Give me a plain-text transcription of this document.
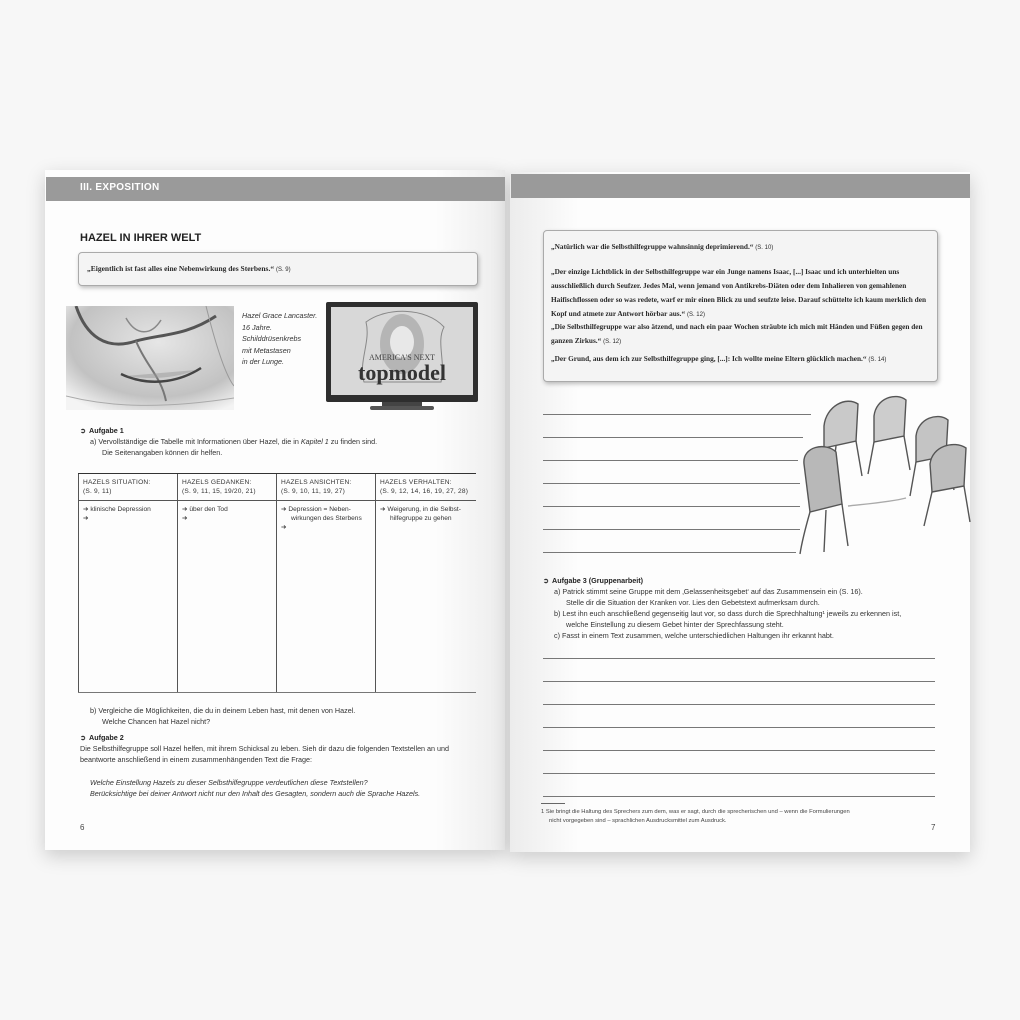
III. EXPOSITION
HAZEL IN IHRER WELT
„Eigentlich ist fast alles eine Nebenwirkung des Sterbens.“ (S. 9)
Hazel Grace Lancaster.
16 Jahre.
Schilddrüsenkrebs
mit Metastasen
in der Lunge.	AMERICA'S NEXT
topmodel
➲ Aufgabe 1
a) Vervollständige die Tabelle mit Informationen über Hazel, die in Kapitel 1 zu finden sind.
Die Seitenangaben können dir helfen.
HAZELS SITUATION:
(S. 9, 11)
➔ klinische Depression
➔
HAZELS GEDANKEN:
(S. 9, 11, 15, 19/20, 21)
➔ über den Tod
➔
HAZELS ANSICHTEN:
(S. 9, 10, 11, 19, 27)
➔ Depression = Neben-
wirkungen des Sterbens
➔
HAZELS VERHALTEN:
(S. 9, 12, 14, 16, 19, 27, 28)
➔ Weigerung, in die Selbst-
hilfegruppe zu gehen
b) Vergleiche die Möglichkeiten, die du in deinem Leben hast, mit denen von Hazel.
Welche Chancen hat Hazel nicht?
➲ Aufgabe 2
Die Selbsthilfegruppe soll Hazel helfen, mit ihrem Schicksal zu leben. Sieh dir dazu die folgenden Textstellen an und
beantworte anschließend in einem zusammenhängenden Text die Frage:
Welche Einstellung Hazels zu dieser Selbsthilfegruppe verdeutlichen diese Textstellen?
Berücksichtige bei deiner Antwort nicht nur den Inhalt des Gesagten, sondern auch die Sprache Hazels.
6

„Natürlich war die Selbsthilfegruppe wahnsinnig deprimierend.“ (S. 10)

„Der einzige Lichtblick in der Selbsthilfegruppe war ein Junge namens Isaac, [...] Isaac und ich unterhielten uns ausschließlich durch Seufzer. Jedes Mal, wenn jemand von Antikrebs-Diäten oder dem Inhalieren von gemahlenen Haifischflossen oder so was redete, warf er mir einen Blick zu und seufzte leise. Darauf schüttelte ich kaum merklich den Kopf und atmete zur Antwort hörbar aus.“ (S. 12)

„Die Selbsthilfegruppe war also ätzend, und nach ein paar Wochen sträubte ich mich mit Händen und Füßen gegen den ganzen Zirkus.“ (S. 12)

„Der Grund, aus dem ich zur Selbsthilfegruppe ging, [...]: Ich wollte meine Eltern glücklich machen.“ (S. 14)

➲ Aufgabe 3 (Gruppenarbeit)
a) Patrick stimmt seine Gruppe mit dem ‚Gelassenheitsgebet‘ auf das Zusammensein ein (S. 16).
Stelle dir die Situation der Kranken vor. Lies den Gebetstext aufmerksam durch.
b) Lest ihn euch anschließend gegenseitig laut vor, so dass durch die Sprechhaltung¹ jeweils zu erkennen ist,
welche Einstellung zu diesem Gebet hinter der Sprechfassung steht.
c) Fasst in einem Text zusammen, welche unterschiedlichen Haltungen ihr erkannt habt.
1 Sie bringt die Haltung des Sprechers zum dem, was er sagt, durch die sprecherischen und – wenn die Formulierungen
nicht vorgegeben sind – sprachlichen Ausdrucksmittel zum Ausdruck.
7
